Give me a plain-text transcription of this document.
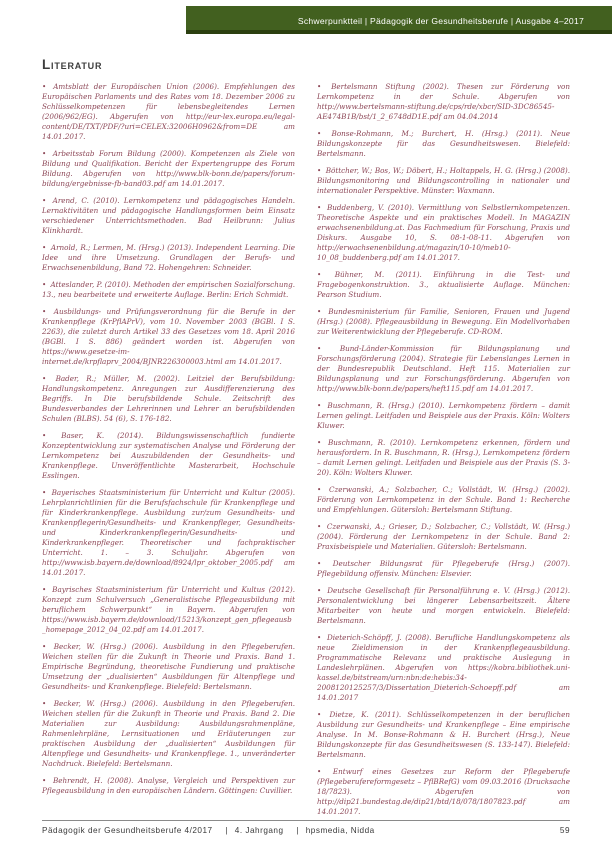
Schwerpunktteil | Pädagogik der Gesundheitsberufe | Ausgabe 4–2017
Literatur
• Amtsblatt der Europäischen Union (2006). Empfehlungen des Europäischen Parlaments und des Rates vom 18. Dezember 2006 zu Schlüsselkompetenzen für lebensbegleitendes Lernen (2006/962/EG). Abgerufen von http://eur-lex.europa.eu/legal-content/DE/TXT/PDF/?uri=CELEX:32006H0962&from=DE am 14.01.2017.
• Arbeitsstab Forum Bildung (2000). Kompetenzen als Ziele von Bildung und Qualifikation. Bericht der Expertengruppe des Forum Bildung. Abgerufen von http://www.blk-bonn.de/papers/forum-bildung/ergebnisse-fb-band03.pdf am 14.01.2017.
• Arend, C. (2010). Lernkompetenz und pädagogisches Handeln. Lernaktivitäten und pädagogische Handlungsformen beim Einsatz verschiedener Unterrichtsmethoden. Bad Heilbrunn: Julius Klinkhardt.
• Arnold, R.; Lermen, M. (Hrsg.) (2013). Independent Learning. Die Idee und ihre Umsetzung. Grundlagen der Berufs- und Erwachsenenbildung, Band 72. Hohengehren: Schneider.
• Atteslander, P. (2010). Methoden der empirischen Sozialforschung. 13., neu bearbeitete und erweiterte Auflage. Berlin: Erich Schmidt.
• Ausbildungs- und Prüfungsverordnung für die Berufe in der Krankenpflege (KrPflAPrV), vom 10. November 2003 (BGBl. I S. 2263), die zuletzt durch Artikel 33 des Gesetzes vom 18. April 2016 (BGBl. I S. 886) geändert worden ist. Abgerufen von https://www.gesetze-im-internet.de/krpflaprv_2004/BJNR226300003.html am 14.01.2017.
• Bader, R.; Müller, M. (2002). Leitziel der Berufsbildung: Handlungskompetenz. Anregungen zur Ausdifferenzierung des Begriffs. In Die berufsbildende Schule. Zeitschrift des Bundesverbandes der Lehrerinnen und Lehrer an berufsbildenden Schulen (BLBS). 54 (6), S. 176-182.
• Baser, K. (2014). Bildungswissenschaftlich fundierte Konzeptentwicklung zur systematischen Analyse und Förderung der Lernkompetenz bei Auszubildenden der Gesundheits- und Krankenpflege. Unveröffentlichte Masterarbeit, Hochschule Esslingen.
• Bayerisches Staatsministerium für Unterricht und Kultur (2005). Lehrplanrichtlinien für die Berufsfachschule für Krankenpflege und für Kinderkrankenpflege. Ausbildung zur/zum Gesundheits- und Krankenpflegerin/Gesundheits- und Krankenpfleger, Gesundheits- und Kinderkrankenpflegerin/Gesundheits- und Kinderkrankenpfleger. Theoretischer und fachpraktischer Unterricht. 1. – 3. Schuljahr. Abgerufen von http://www.isb.bayern.de/download/8924/lpr_oktober_2005.pdf am 14.01.2017.
• Bayrisches Staatsministerium für Unterricht und Kultus (2012). Konzept zum Schulversuch „Generalistische Pflegeausbildung mit beruflichem Schwerpunkt“ in Bayern. Abgerufen von https://www.isb.bayern.de/download/15213/konzept_gen_pflegeausb_homepage_2012_04_02.pdf am 14.01.2017.
• Becker, W. (Hrsg.) (2006). Ausbildung in den Pflegeberufen. Weichen stellen für die Zukunft in Theorie und Praxis. Band 1. Empirische Begründung, theoretische Fundierung und praktische Umsetzung der „dualisierten“ Ausbildungen für Altenpflege und Gesundheits- und Krankenpflege. Bielefeld: Bertelsmann.
• Becker, W. (Hrsg.) (2006). Ausbildung in den Pflegeberufen. Weichen stellen für die Zukunft in Theorie und Praxis. Band 2. Die Materialien zur Ausbildung: Ausbildungsrahmenpläne, Rahmenlehrpläne, Lernsituationen und Erläuterungen zur praktischen Ausbildung der „dualisierten“ Ausbildungen für Altenpflege und Gesundheits- und Krankenpflege. 1., unveränderter Nachdruck. Bielefeld: Bertelsmann.
• Behrendt, H. (2008). Analyse, Vergleich und Perspektiven zur Pflegeausbildung in den europäischen Ländern. Göttingen: Cuvillier.
• Bertelsmann Stiftung (2002). Thesen zur Förderung von Lernkompetenz in der Schule. Abgerufen von http://www.bertelsmann-stiftung.de/cps/rde/xbcr/SID-3DC86545-AE474B1B/bst/1_2_6748dD1E.pdf am 04.04.2014
• Bonse-Rohmann, M.; Burchert, H. (Hrsg.) (2011). Neue Bildungskonzepte für das Gesundheitswesen. Bielefeld: Bertelsmann.
• Böttcher, W.; Bos, W.; Döbert, H.; Holtappels, H. G. (Hrsg.) (2008). Bildungsmonitoring und Bildungscontrolling in nationaler und internationaler Perspektive. Münster: Waxmann.
• Buddenberg, V. (2010). Vermittlung von Selbstlernkompetenzen. Theoretische Aspekte und ein praktisches Modell. In MAGAZIN erwachsenenbildung.at. Das Fachmedium für Forschung, Praxis und Diskurs. Ausgabe 10, S. 08-1-08-11. Abgerufen von http://erwachsenenbildung.at/magazin/10-10/meb10-10_08_buddenberg.pdf am 14.01.2017.
• Bühner, M. (2011). Einführung in die Test- und Fragebogenkonstruktion. 3., aktualisierte Auflage. München: Pearson Studium.
• Bundesministerium für Familie, Senioren, Frauen und Jugend (Hrsg.) (2008). Pflegeausbildung in Bewegung. Ein Modellvorhaben zur Weiterentwicklung der Pflegeberufe. CD-ROM.
• Bund-Länder-Kommission für Bildungsplanung und Forschungsförderung (2004). Strategie für Lebenslanges Lernen in der Bundesrepublik Deutschland. Heft 115. Materialien zur Bildungsplanung und zur Forschungsförderung. Abgerufen von http://www.blk-bonn.de/papers/heft115.pdf am 14.01.2017.
• Buschmann, R. (Hrsg.) (2010). Lernkompetenz fördern – damit Lernen gelingt. Leitfaden und Beispiele aus der Praxis. Köln: Wolters Kluwer.
• Buschmann, R. (2010). Lernkompetenz erkennen, fördern und herausfordern. In R. Buschmann, R. (Hrsg.), Lernkompetenz fördern – damit Lernen gelingt. Leitfaden und Beispiele aus der Praxis (S. 3-20). Köln: Wolters Kluwer.
• Czerwanski, A.; Solzbacher, C.; Vollstädt, W. (Hrsg.) (2002). Förderung von Lernkompetenz in der Schule. Band 1: Recherche und Empfehlungen. Gütersloh: Bertelsmann Stiftung.
• Czerwanski, A.; Grieser, D.; Solzbacher, C.; Vollstädt, W. (Hrsg.) (2004). Förderung der Lernkompetenz in der Schule. Band 2: Praxisbeispiele und Materialien. Gütersloh: Bertelsmann.
• Deutscher Bildungsrat für Pflegeberufe (Hrsg.) (2007). Pflegebildung offensiv. München: Elsevier.
• Deutsche Gesellschaft für Personalführung e. V. (Hrsg.) (2012). Personalentwicklung bei längerer Lebensarbeitszeit. Ältere Mitarbeiter von heute und morgen entwickeln. Bielefeld: Bertelsmann.
• Dieterich-Schöpff, J. (2008). Berufliche Handlungskompetenz als neue Zieldimension in der Krankenpflegeausbildung. Programmatische Relevanz und praktische Auslegung in Landeslehrplänen. Abgerufen von https://kobra.bibliothek.uni-kassel.de/bitstream/urn:nbn:de:hebis:34-2008120125257/3/Dissertation_Dieterich-Schoepff.pdf am 14.01.2017
• Dietze, K. (2011). Schlüsselkompetenzen in der beruflichen Ausbildung zur Gesundheits- und Krankenpflege – Eine empirische Analyse. In M. Bonse-Rohmann & H. Burchert (Hrsg.), Neue Bildungskonzepte für das Gesundheitswesen (S. 133-147). Bielefeld: Bertelsmann.
• Entwurf eines Gesetzes zur Reform der Pflegeberufe (Pflegeberufereformgesetz – PflBRefG) vom 09.03.2016 (Drucksache 18/7823). Abgerufen von http://dip21.bundestag.de/dip21/btd/18/078/1807823.pdf am 14.01.2017.
Pädagogik der Gesundheitsberufe 4/2017 | 4. Jahrgang | hpsmedia, Nidda	59
